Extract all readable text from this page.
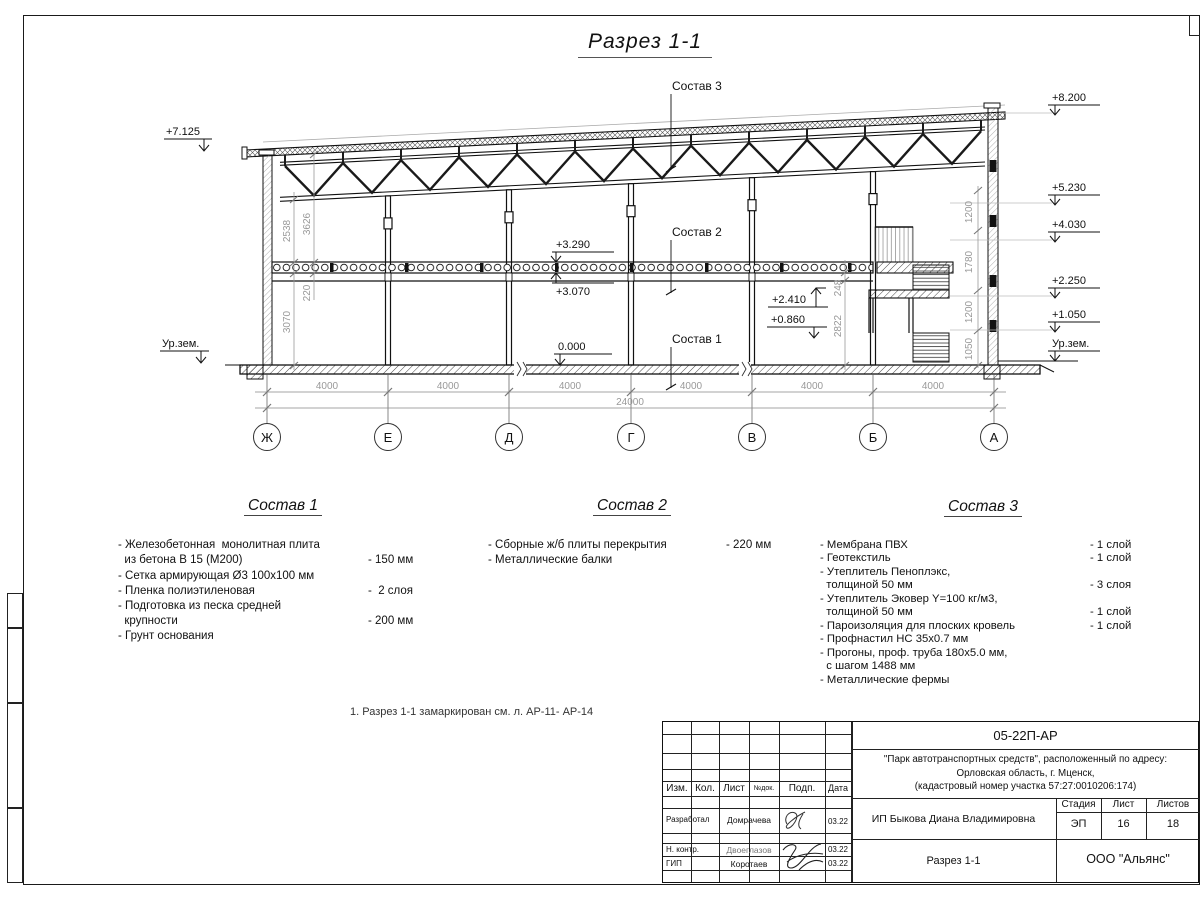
Разрез 1-1
Состав 3
Состав 2
Состав 1
+7.125
Ур.зем.
+8.200
+5.230
+4.030
+2.250
+1.050
Ур.зем.
+3.290
+3.070
0.000
+2.410
+0.860
2538 3626
220
3070
248
2822
1200
1780
1200
1050
4000	4000	4000	4000	4000	4000
24000
Ж	Е	Д	Г	В	Б	А
Состав 1
- Железобетонная  монолитная плита
из бетона В 15 (М200)	- 150 мм
- Сетка армирующая Ø3 100х100 мм
- Пленка полиэтиленовая	-  2 слоя
- Подготовка из песка средней
крупности	- 200 мм
- Грунт основания
Состав 2
- Сборные ж/б плиты перекрытия	- 220 мм
- Металлические балки
Состав 3
- Мембрана ПВХ	- 1 слой
- Геотекстиль	- 1 слой
- Утеплитель Пеноплэкс,
толщиной 50 мм	- 3 слоя
- Утеплитель Эковер Y=100 кг/м3,
толщиной 50 мм	- 1 слой
- Пароизоляция для плоских кровель	- 1 слой
- Профнастил НС 35х0.7 мм
- Прогоны, проф. труба 180х5.0 мм,
с шагом 1488 мм
- Металлические фермы
1. Разрез 1-1 замаркирован см. л. АР-11- АР-14
Изм. Кол. Лист	№док.	Подп.	Дата
Разработал	Домрачева	03.22
Н. контр.	Двоеглазов	03.22
ГИП	Коротаев	03.22
05-22П-АР
"Парк автотранспортных средств", расположенный по адресу:
Орловская область, г. Мценск,
(кадастровый номер участка 57:27:0010206:174)
ИП Быкова Диана Владимировна
Стадия	Лист	Листов
ЭП	16	18
Разрез 1-1	ООО "Альянс"
